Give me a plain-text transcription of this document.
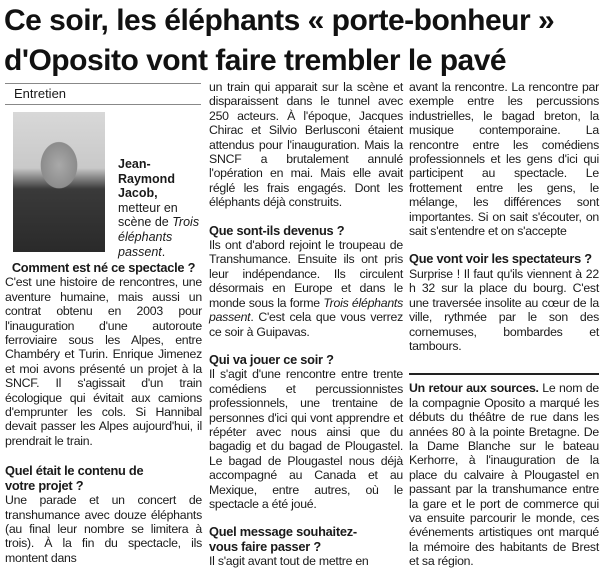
Ce soir, les éléphants « porte-bonheur »
d'Oposito vont faire trembler le pavé
Entretien
Jean-Raymond Jacob, metteur en scène de Trois éléphants passent.

Comment est né ce spectacle ?

C'est une histoire de rencontres, une aventure humaine, mais aussi un contrat obtenu en 2003 pour l'inauguration d'une autoroute ferroviaire sous les Alpes, entre Chambéry et Turin. Enrique Jimenez et moi avons présenté un projet à la SNCF. Il s'agissait d'un train écologique qui évitait aux camions d'emprunter les cols. Si Hannibal devait passer les Alpes aujourd'hui, il prendrait le train.

Quel était le contenu de votre projet ?

Une parade et un concert de transhumance avec douze éléphants (au final leur nombre se limitera à trois). À la fin du spectacle, ils montent dans

un train qui apparait sur la scène et disparaissent dans le tunnel avec 250 acteurs. À l'époque, Jacques Chirac et Silvio Berlusconi étaient attendus pour l'inauguration. Mais la SNCF a brutalement annulé l'opération en mai. Mais elle avait réglé les frais engagés. Dont les éléphants déjà construits.

Que sont-ils devenus ?

Ils ont d'abord rejoint le troupeau de Transhumance. Ensuite ils ont pris leur indépendance. Ils circulent désormais en Europe et dans le monde sous la forme Trois éléphants passent. C'est cela que vous verrez ce soir à Guipavas.

Qui va jouer ce soir ?

Il s'agit d'une rencontre entre trente comédiens et percussionnistes professionnels, une trentaine de personnes d'ici qui vont apprendre et répéter avec nous ainsi que du bagadig et du bagad de Plougastel. Le bagad de Plougastel nous déjà accompagné au Canada et au Mexique, entre autres, où le spectacle a été joué.

Quel message souhaitez-vous faire passer ?

Il s'agit avant tout de mettre en

avant la rencontre. La rencontre par exemple entre les percussions industrielles, le bagad breton, la musique contemporaine. La rencontre entre les comédiens professionnels et les gens d'ici qui participent au spectacle. Le frottement entre les gens, le mélange, les différences sont importantes. Si on sait s'écouter, on sait s'entendre et on s'accepte

Que vont voir les spectateurs ?

Surprise ! Il faut qu'ils viennent à 22 h 32 sur la place du bourg. C'est une traversée insolite au cœur de la ville, rythmée par le son des cornemuses, bombardes et tambours.

Un retour aux sources. Le nom de la compagnie Oposito a marqué les débuts du théâtre de rue dans les années 80 à la pointe Bretagne. De la Dame Blanche sur le bateau Kerhorre, à l'inauguration de la place du calvaire à Plougastel en passant par la transhumance entre la gare et le port de commerce qui va ensuite parcourir le monde, ces événements artistiques ont marqué la mémoire des habitants de Brest et sa région.
